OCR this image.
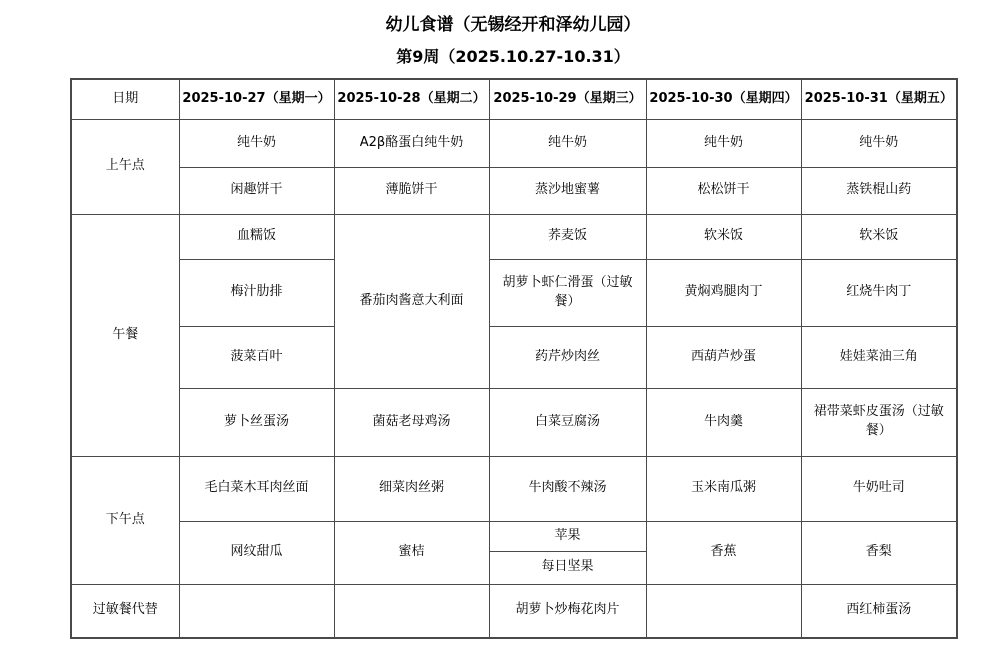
幼儿食谱（无锡经开和泽幼儿园）
第9周（2025.10.27-10.31）
日期	2025-10-27（星期一）	2025-10-28（星期二）	2025-10-29（星期三）	2025-10-30（星期四）	2025-10-31（星期五）
上午点	纯牛奶	A2β酪蛋白纯牛奶	纯牛奶	纯牛奶	纯牛奶
	闲趣饼干	薄脆饼干	蒸沙地蜜薯	松松饼干	蒸铁棍山药
午餐	血糯饭	番茄肉酱意大利面	荞麦饭	软米饭	软米饭
	梅汁肋排		胡萝卜虾仁滑蛋（过敏餐）	黄焖鸡腿肉丁	红烧牛肉丁
	菠菜百叶		药芹炒肉丝	西葫芦炒蛋	娃娃菜油三角
	萝卜丝蛋汤	菌菇老母鸡汤	白菜豆腐汤	牛肉羹	裙带菜虾皮蛋汤（过敏餐）
下午点	毛白菜木耳肉丝面	细菜肉丝粥	牛肉酸不辣汤	玉米南瓜粥	牛奶吐司
	网纹甜瓜	蜜桔	苹果	香蕉	香梨
			每日坚果		
过敏餐代替			胡萝卜炒梅花肉片		西红柿蛋汤
